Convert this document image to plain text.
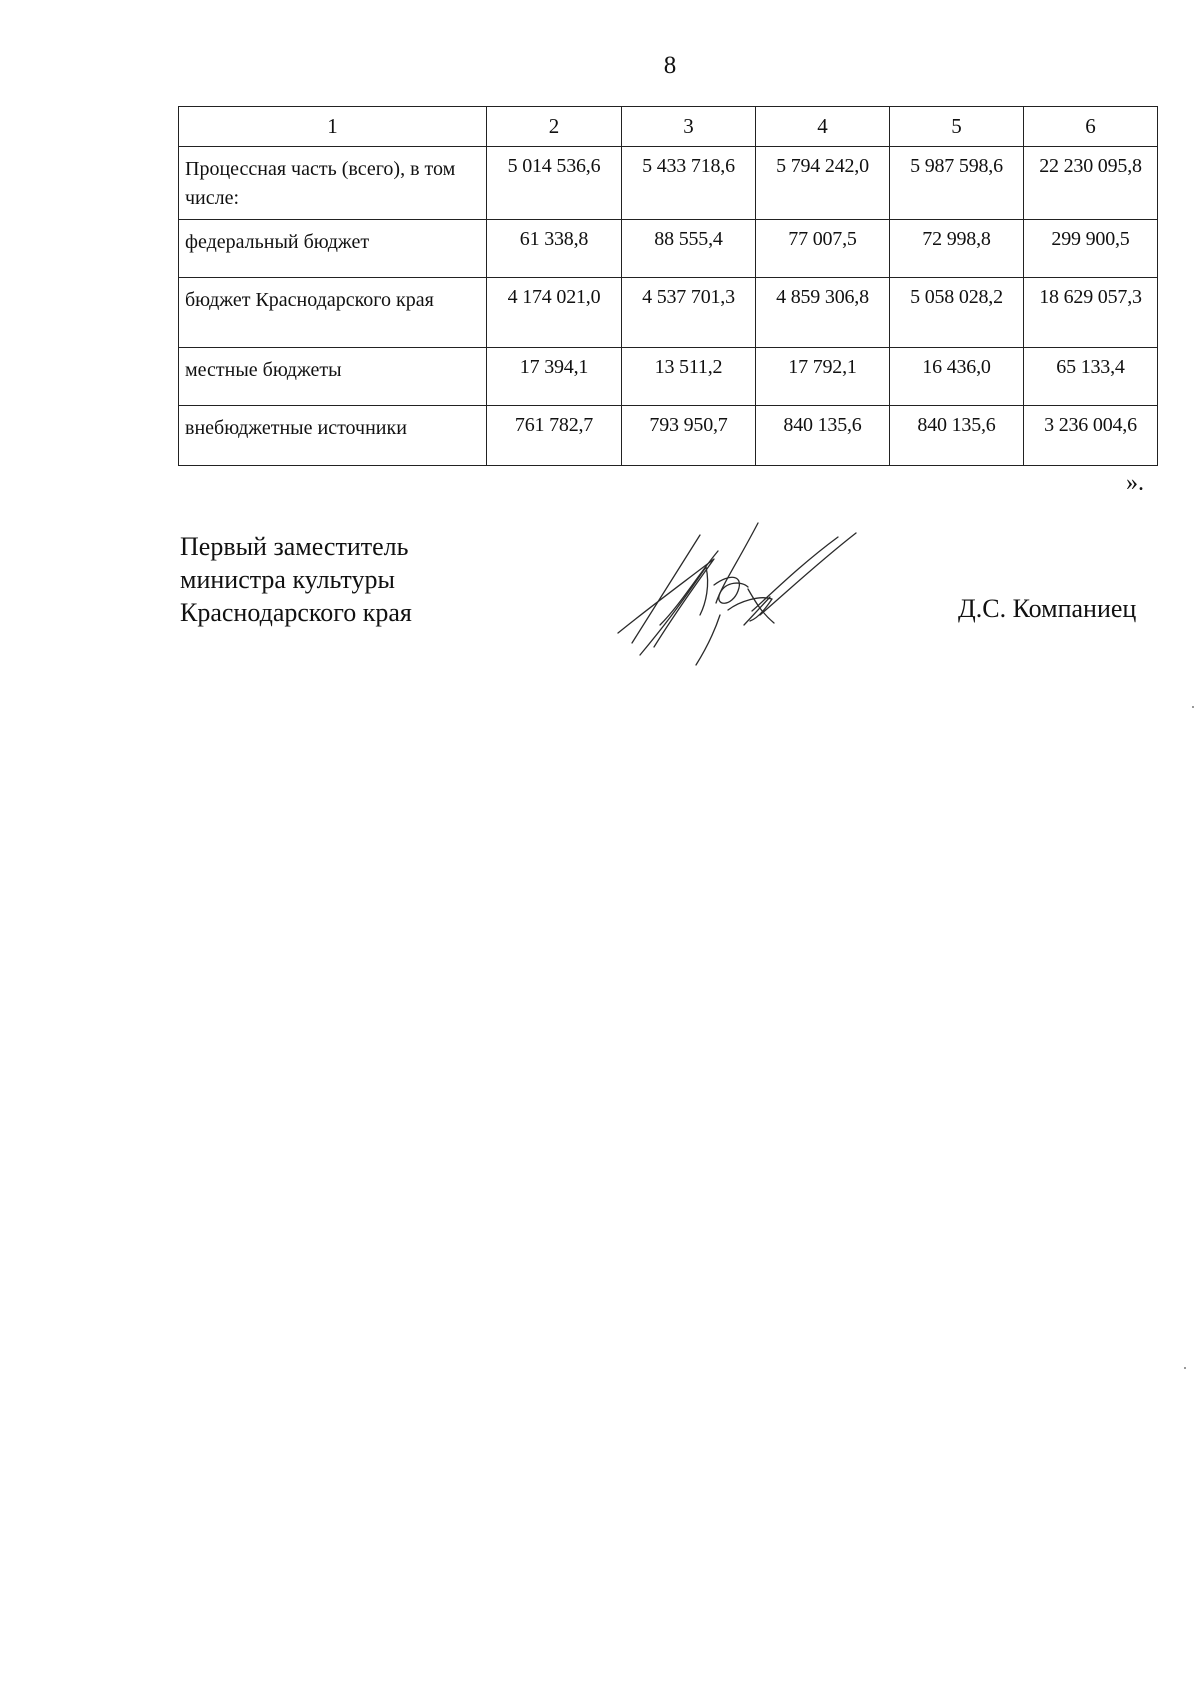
8
1	2	3	4	5	6
Процессная часть (всего), в том числе:	5 014 536,6	5 433 718,6	5 794 242,0	5 987 598,6	22 230 095,8
федеральный бюджет	61 338,8	88 555,4	77 007,5	72 998,8	299 900,5
бюджет Краснодарского края	4 174 021,0	4 537 701,3	4 859 306,8	5 058 028,2	18 629 057,3
местные бюджеты	17 394,1	13 511,2	17 792,1	16 436,0	65 133,4
внебюджетные источники	761 782,7	793 950,7	840 135,6	840 135,6	3 236 004,6
».
Первый заместитель
министра культуры
Краснодарского края	Д.С. Компаниец
